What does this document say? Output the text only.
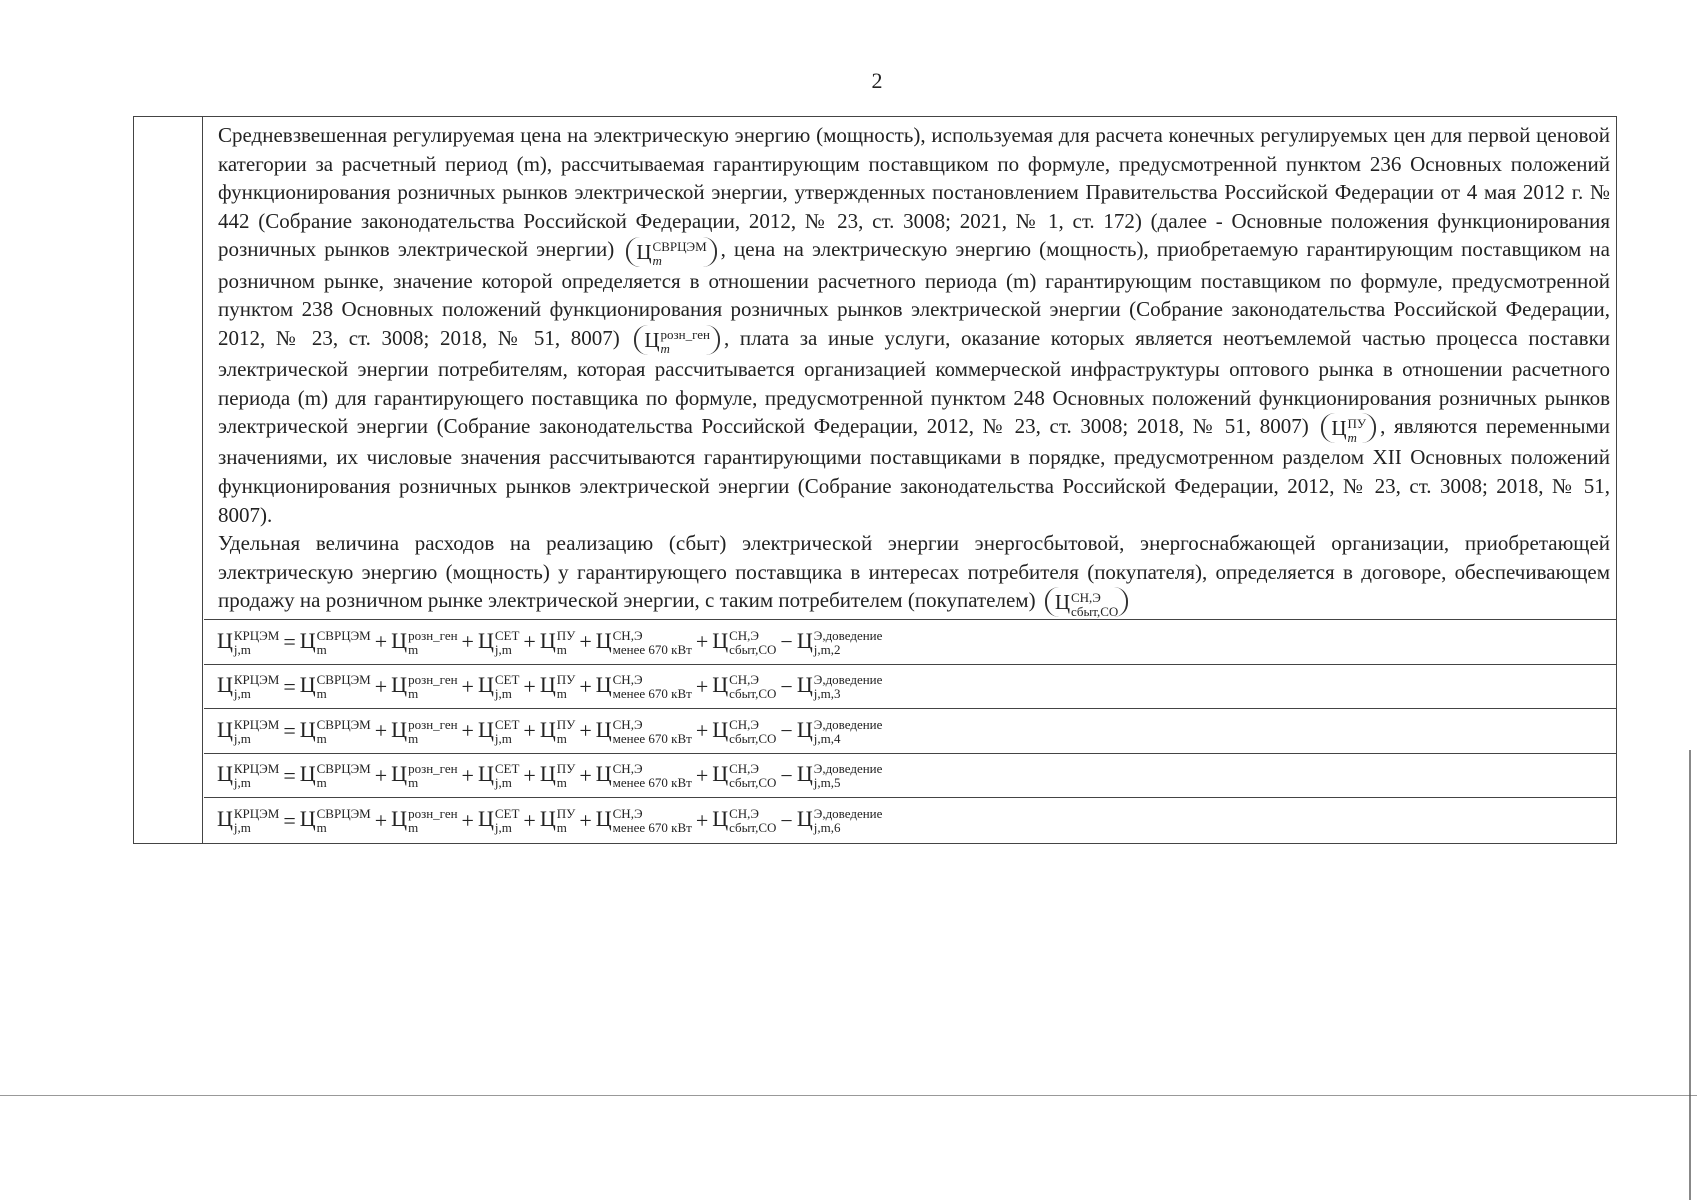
2

Средневзвешенная регулируемая цена на электрическую энергию (мощность), используемая для расчета конечных регулируемых цен для первой ценовой категории за расчетный период (m), рассчитываемая гарантирующим поставщиком по формуле, предусмотренной пунктом 236 Основных положений функционирования розничных рынков электрической энергии, утвержденных постановлением Правительства Российской Федерации от 4 мая 2012 г. № 442 (Собрание законодательства Российской Федерации, 2012, № 23, ст. 3008; 2021, № 1, ст. 172) (далее - Основные положения функционирования розничных рынков электрической энергии) Ц СВРЦЭМ
m	, цена на электрическую энергию (мощность), приобретаемую гарантирующим поставщиком на розничном рынке, значение которой определяется в отношении расчетного периода (m) гарантирующим поставщиком по формуле, предусмотренной пунктом 238 Основных положений функционирования розничных рынков электрической энергии (Собрание законодательства Российской Федерации, 2012, № 23, ст. 3008; 2018, № 51, 8007) Ц розн_ген
m	, плата за иные услуги, оказание которых является неотъемлемой частью процесса поставки электрической энергии потребителям, которая рассчитывается организацией коммерческой инфраструктуры оптового рынка в отношении расчетного периода (m) для гарантирующего поставщика по формуле, предусмотренной пунктом 248 Основных положений функционирования розничных рынков электрической энергии (Собрание законодательства Российской Федерации, 2012, № 23, ст. 3008; 2018, № 51, 8007) Ц ПУ
m	, являются переменными значениями, их числовые значения рассчитываются гарантирующими поставщиками в порядке, предусмотренном разделом XII Основных положений функционирования розничных рынков электрической энергии (Собрание законодательства Российской Федерации, 2012, № 23, ст. 3008; 2018, № 51, 8007).

Удельная величина расходов на реализацию (сбыт) электрической энергии энергосбытовой, энергоснабжающей организации, приобретающей электрическую энергию (мощность) у гарантирующего поставщика в интересах потребителя (покупателя), определяется в договоре, обеспечивающем продажу на розничном рынке электрической энергии, с таким потребителем (покупателем) Ц СН,Э
сбыт,СО

Ц КРЦЭМ
j,m	= Ц СВРЦЭМ
m	+ Ц розн_ген
m	+ Ц СЕТ
j,m + Ц ПУ
m + Ц СН,Э
менее 670 кВт + Ц СН,Э
сбыт,СО − Ц Э,доведение
j,m,2
Ц КРЦЭМ
j,m	= Ц СВРЦЭМ
m	+ Ц розн_ген
m	+ Ц СЕТ
j,m + Ц ПУ
m + Ц СН,Э
менее 670 кВт + Ц СН,Э
сбыт,СО − Ц Э,доведение
j,m,3
Ц КРЦЭМ
j,m	= Ц СВРЦЭМ
m	+ Ц розн_ген
m	+ Ц СЕТ
j,m + Ц ПУ
m + Ц СН,Э
менее 670 кВт + Ц СН,Э
сбыт,СО − Ц Э,доведение
j,m,4
Ц КРЦЭМ
j,m	= Ц СВРЦЭМ
m	+ Ц розн_ген
m	+ Ц СЕТ
j,m + Ц ПУ
m + Ц СН,Э
менее 670 кВт + Ц СН,Э
сбыт,СО − Ц Э,доведение
j,m,5
Ц КРЦЭМ
j,m	= Ц СВРЦЭМ
m	+ Ц розн_ген
m	+ Ц СЕТ
j,m + Ц ПУ
m + Ц СН,Э
менее 670 кВт + Ц СН,Э
сбыт,СО − Ц Э,доведение
j,m,6
